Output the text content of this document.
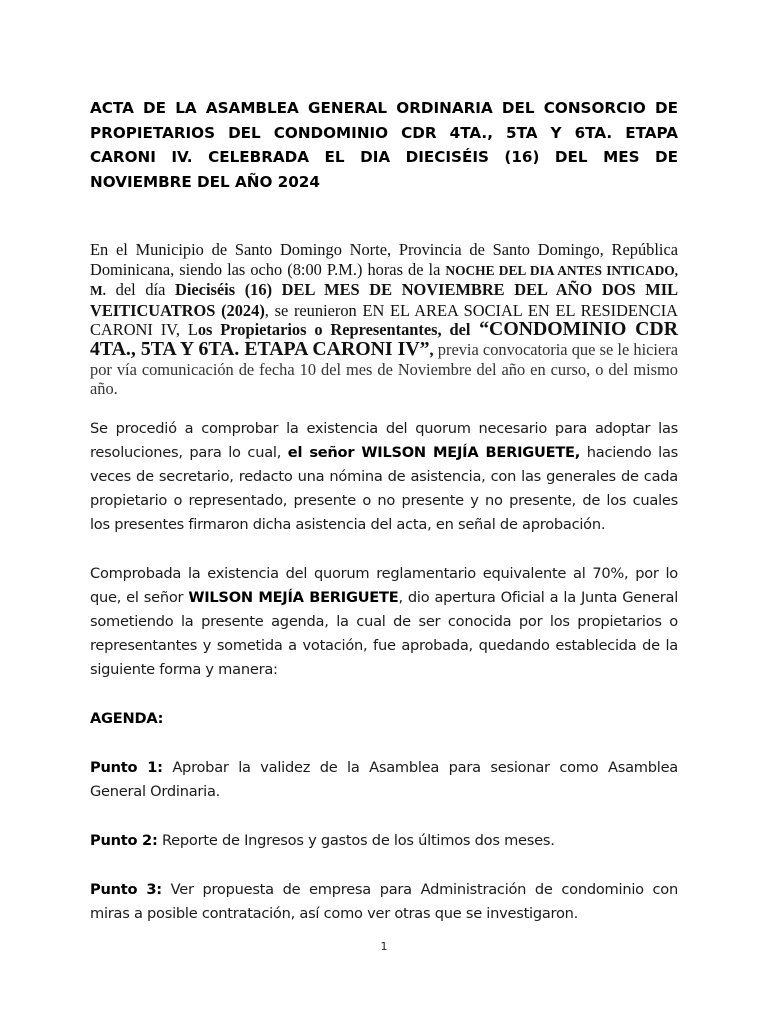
ACTA DE LA ASAMBLEA GENERAL ORDINARIA DEL CONSORCIO DE PROPIETARIOS DEL CONDOMINIO CDR 4TA., 5TA Y 6TA. ETAPA CARONI IV. CELEBRADA EL DIA DIECISÉIS (16) DEL MES DE NOVIEMBRE DEL AÑO 2024

En el Municipio de Santo Domingo Norte, Provincia de Santo Domingo, República Dominicana, siendo las ocho (8:00 P.M.) horas de la NOCHE DEL DIA ANTES INTICADO, M. del día Dieciséis (16) DEL MES DE NOVIEMBRE DEL AÑO DOS MIL VEITICUATROS (2024), se reunieron EN EL AREA SOCIAL EN EL RESIDENCIA CARONI IV, Los Propietarios o Representantes, del “CONDOMINIO CDR 4TA., 5TA Y 6TA. ETAPA CARONI IV”, previa convocatoria que se le hiciera por vía comunicación de fecha 10 del mes de Noviembre del año en curso, o del mismo año.

Se procedió a comprobar la existencia del quorum necesario para adoptar las resoluciones, para lo cual, el señor WILSON MEJÍA BERIGUETE, haciendo las veces de secretario, redacto una nómina de asistencia, con las generales de cada propietario o representado, presente o no presente y no presente, de los cuales los presentes firmaron dicha asistencia del acta, en señal de aprobación.

Comprobada la existencia del quorum reglamentario equivalente al 70%, por lo que, el señor WILSON MEJÍA BERIGUETE, dio apertura Oficial a la Junta General sometiendo la presente agenda, la cual de ser conocida por los propietarios o representantes y sometida a votación, fue aprobada, quedando establecida de la siguiente forma y manera:

AGENDA:

Punto 1: Aprobar la validez de la Asamblea para sesionar como Asamblea General Ordinaria.

Punto 2: Reporte de Ingresos y gastos de los últimos dos meses.

Punto 3: Ver propuesta de empresa para Administración de condominio con miras a posible contratación, así como ver otras que se investigaron.

1
